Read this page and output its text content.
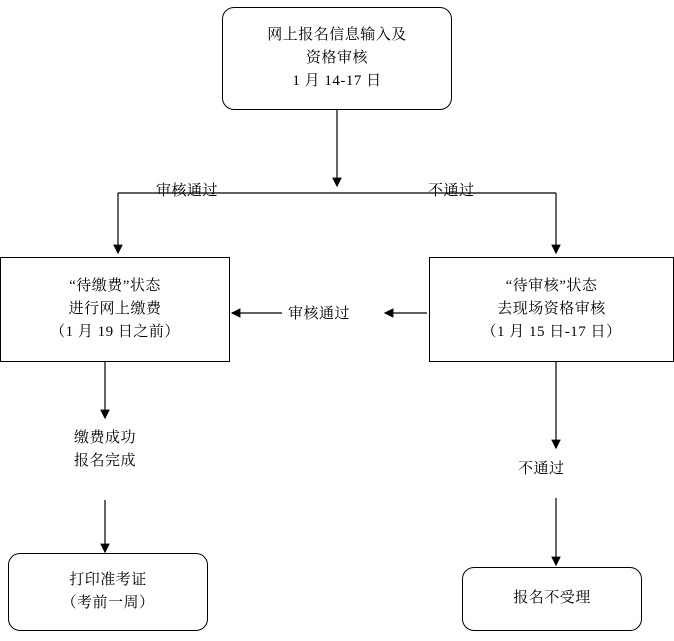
网上报名信息输入及
资格审核
1 月 14-17 日
审核通过	不通过
“待缴费”状态
进行网上缴费
（1 月 19 日之前）
“待审核”状态
去现场资格审核
（1 月 15 日-17 日）
审核通过
缴费成功
报名完成
不通过
打印准考证
（考前一周）	报名不受理
